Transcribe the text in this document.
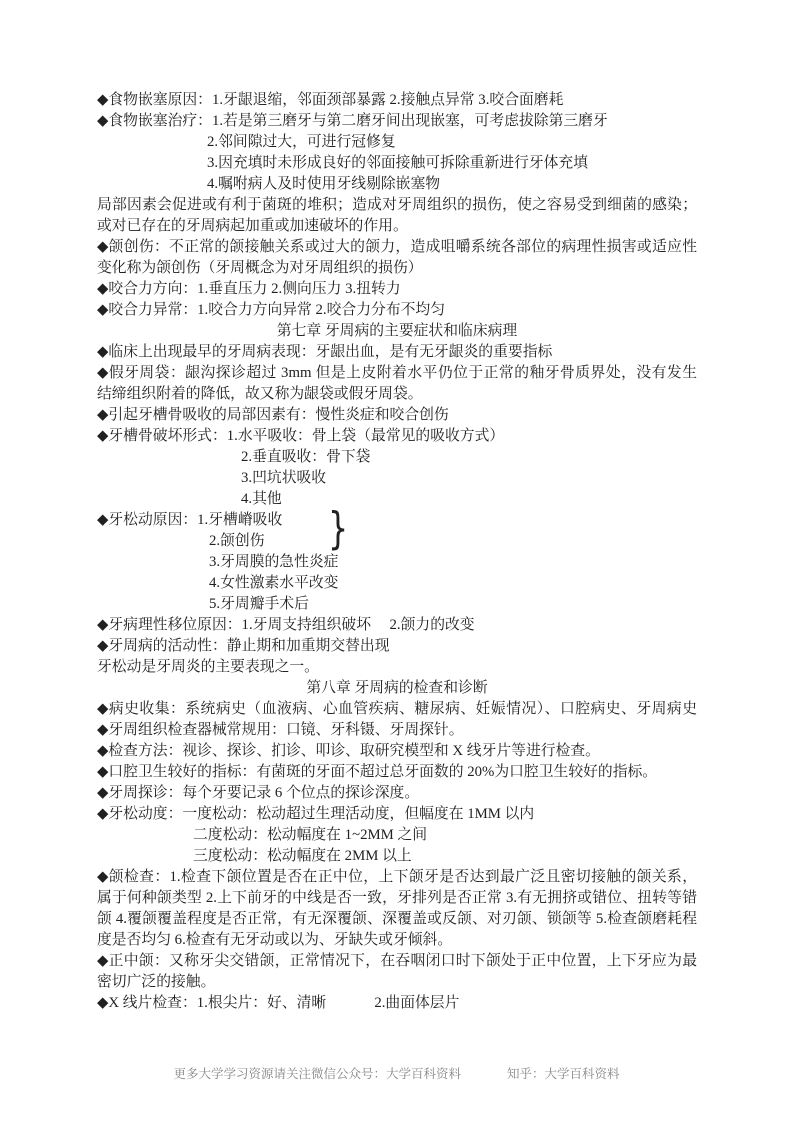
◆食物嵌塞原因：1.牙龈退缩，邻面颈部暴露 2.接触点异常 3.咬合面磨耗
◆食物嵌塞治疗：1.若是第三磨牙与第二磨牙间出现嵌塞，可考虑拔除第三磨牙
2.邻间隙过大，可进行冠修复
3.因充填时未形成良好的邻面接触可拆除重新进行牙体充填
4.嘱咐病人及时使用牙线剔除嵌塞物
局部因素会促进或有利于菌斑的堆积；造成对牙周组织的损伤，使之容易受到细菌的感染；
或对已存在的牙周病起加重或加速破坏的作用。
◆颌创伤：不正常的颌接触关系或过大的颌力，造成咀嚼系统各部位的病理性损害或适应性
变化称为颌创伤（牙周概念为对牙周组织的损伤）
◆咬合力方向：1.垂直压力 2.侧向压力 3.扭转力
◆咬合力异常：1.咬合力方向异常 2.咬合力分布不均匀
第七章 牙周病的主要症状和临床病理
◆临床上出现最早的牙周病表现：牙龈出血，是有无牙龈炎的重要指标
◆假牙周袋：龈沟探诊超过 3mm 但是上皮附着水平仍位于正常的釉牙骨质界处，没有发生
结缔组织附着的降低，故又称为龈袋或假牙周袋。
◆引起牙槽骨吸收的局部因素有：慢性炎症和咬合创伤
◆牙槽骨破坏形式：1.水平吸收：骨上袋（最常见的吸收方式）
2.垂直吸收：骨下袋
3.凹坑状吸收
4.其他
◆牙松动原因：1.牙槽嵴吸收
2.颌创伤
3.牙周膜的急性炎症
4.女性激素水平改变
5.牙周瓣手术后
◆牙病理性移位原因：1.牙周支持组织破坏　 2.颌力的改变
◆牙周病的活动性：静止期和加重期交替出现
牙松动是牙周炎的主要表现之一。
第八章 牙周病的检查和诊断
◆病史收集：系统病史（血液病、心血管疾病、糖尿病、妊娠情况）、口腔病史、牙周病史
◆牙周组织检查器械常规用：口镜、牙科镊、牙周探针。
◆检查方法：视诊、探诊、扪诊、叩诊、取研究模型和 X 线牙片等进行检查。
◆口腔卫生较好的指标：有菌斑的牙面不超过总牙面数的 20%为口腔卫生较好的指标。
◆牙周探诊：每个牙要记录 6 个位点的探诊深度。
◆牙松动度：一度松动：松动超过生理活动度，但幅度在 1MM 以内
二度松动：松动幅度在 1~2MM 之间
三度松动：松动幅度在 2MM 以上
◆颌检查：1.检查下颌位置是否在正中位，上下颌牙是否达到最广泛且密切接触的颌关系，
属于何种颌类型 2.上下前牙的中线是否一致，牙排列是否正常 3.有无拥挤或错位、扭转等错
颌 4.覆颌覆盖程度是否正常，有无深覆颌、深覆盖或反颌、对刃颌、锁颌等 5.检查颌磨耗程
度是否均匀 6.检查有无牙动或以为、牙缺失或牙倾斜。
◆正中颌：又称牙尖交错颌，正常情况下，在吞咽闭口时下颌处于正中位置，上下牙应为最
密切广泛的接触。
◆X 线片检查：1.根尖片：好、清晰　　　 2.曲面体层片
}
更多大学学习资源请关注微信公众号：大学百科资料	知乎：大学百科资料
